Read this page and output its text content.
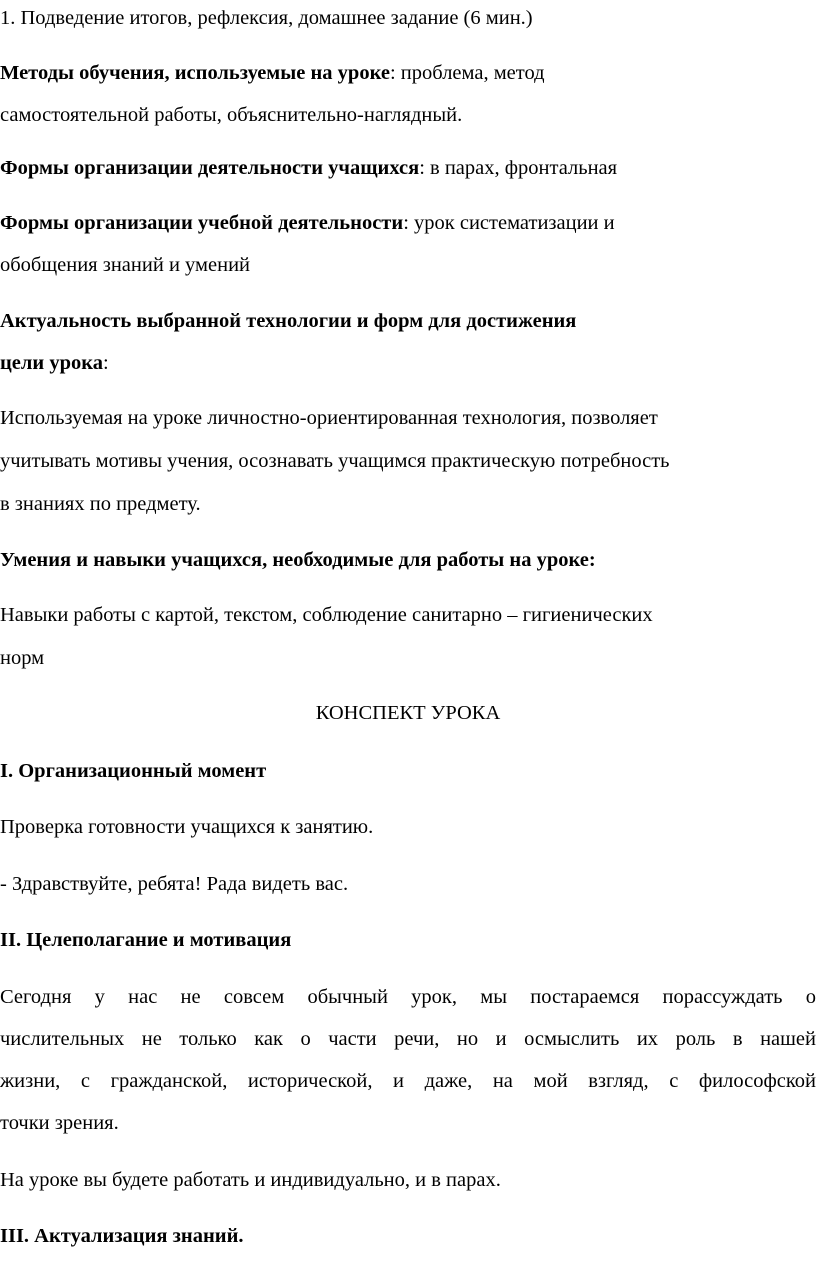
1. Подведение итогов, рефлексия, домашнее задание (6 мин.)
Методы обучения, используемые на уроке: проблема, метод
самостоятельной работы, объяснительно-наглядный.
Формы организации деятельности учащихся: в парах, фронтальная
Формы организации учебной деятельности: урок систематизации и
обобщения знаний и умений
Актуальность выбранной технологии и форм для достижения
цели урока:
Используемая на уроке личностно-ориентированная технология, позволяет
учитывать мотивы учения, осознавать учащимся практическую потребность
в знаниях по предмету.
Умения и навыки учащихся, необходимые для работы на уроке:
Навыки работы с картой, текстом, соблюдение санитарно – гигиенических
норм
КОНСПЕКТ УРОКА
I. Организационный момент
Проверка готовности учащихся к занятию.
- Здравствуйте, ребята! Рада видеть вас.
II. Целеполагание и мотивация
Сегодня у нас не совсем обычный урок, мы постараемся порассуждать о
числительных не только как о части речи, но и осмыслить их роль в нашей
жизни, с гражданской, исторической, и даже, на мой взгляд, с философской
точки зрения.
На уроке вы будете работать и индивидуально, и в парах.
III. Актуализация знаний.
